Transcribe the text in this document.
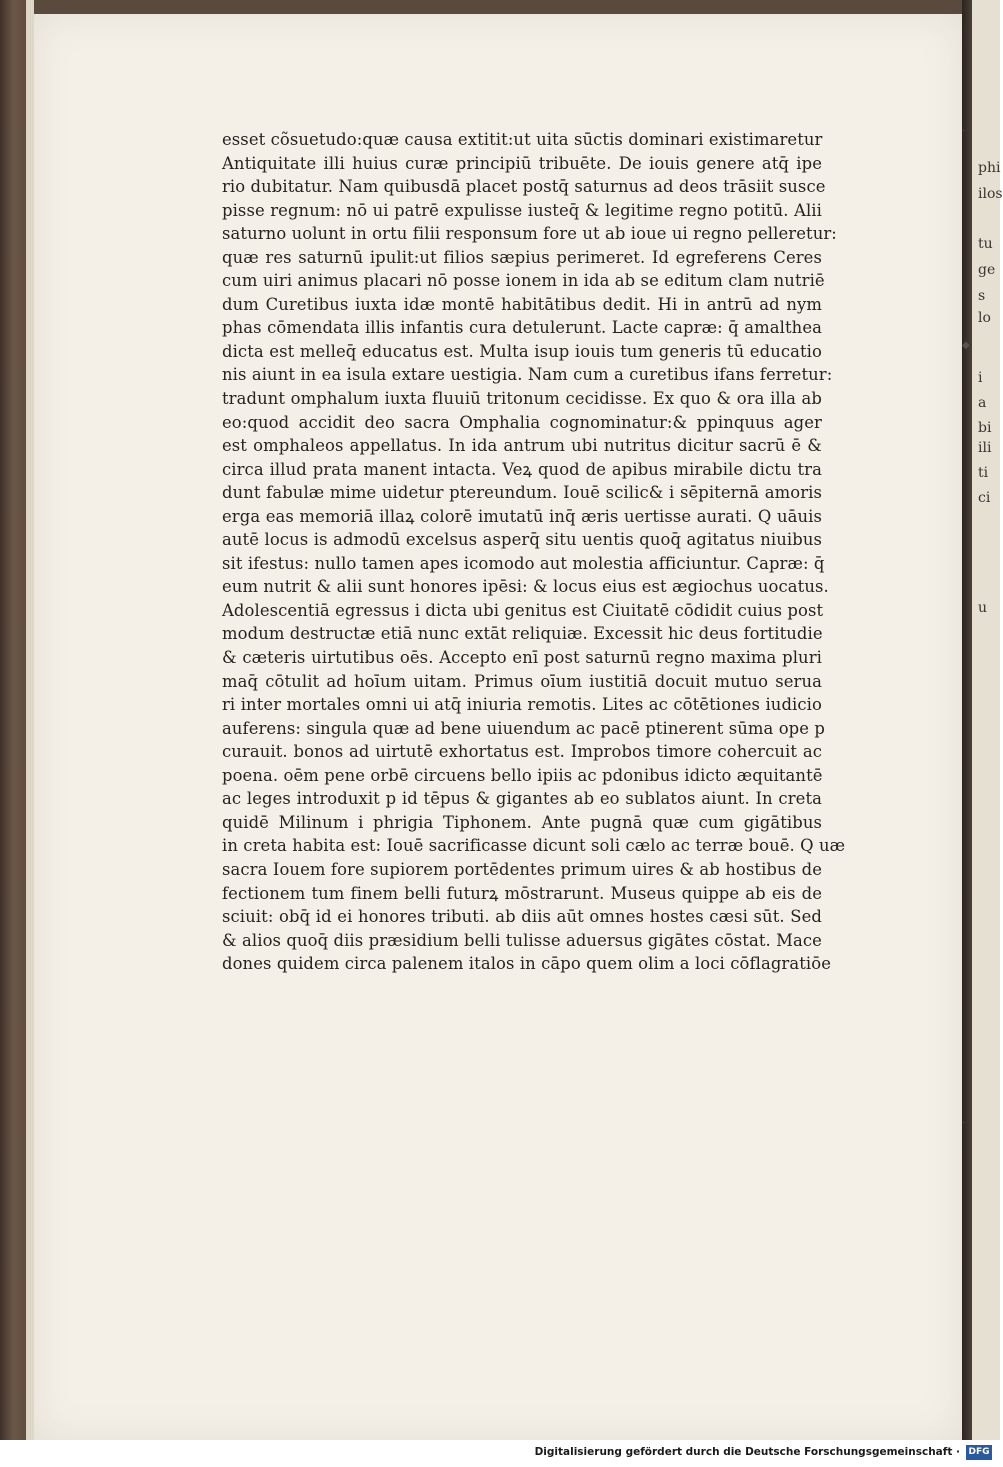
phi
ilos
tu
ge
s
lo
i
a
bi
ili
ti
ci
u
·
◆
·
esset cõsuetudo:quæ causa extitit:ut uita sūctis dominari existimaretur
Antiquitate illi huius curæ principiū tribuēte. De iouis genere atq̄ ipe
rio dubitatur. Nam quibusdā placet postq̄ saturnus ad deos trāsiit susce
pisse regnum: nō ui patrē expulisse iusteq̄ & legitime regno potitū. Alii
saturno uolunt in ortu filii responsum fore ut ab ioue ui regno pelleretur:
quæ res saturnū ipulit:ut filios sæpius perimeret. Id egreferens Ceres
cum uiri animus placari nō posse ionem in ida ab se editum clam nutriē
dum Curetibus iuxta idæ montē habitātibus dedit. Hi in antrū ad nym
phas cōmendata illis infantis cura detulerunt. Lacte capræ: q̄ amalthea
dicta est melleq̄ educatus est. Multa isup iouis tum generis tū educatio
nis aiunt in ea isula extare uestigia. Nam cum a curetibus ifans ferretur:
tradunt omphalum iuxta fluuiū tritonum cecidisse. Ex quo & ora illa ab
eo:quod accidit deo sacra Omphalia cognominatur:& ppinquus ager
est omphaleos appellatus. In ida antrum ubi nutritus dicitur sacrū ē &
circa illud prata manent intacta. Veꝝ quod de apibus mirabile dictu tra
dunt fabulæ mime uidetur ptereundum. Iouē scilic& i sēpiternā amoris
erga eas memoriā illaꝝ colorē imutatū inq̄ æris uertisse aurati. Q uāuis
autē locus is admodū excelsus asperq̄ situ uentis quoq̄ agitatus niuibus
sit ifestus: nullo tamen apes icomodo aut molestia afficiuntur. Capræ: q̄
eum nutrit & alii sunt honores ipēsi: & locus eius est ægiochus uocatus.
Adolescentiā egressus i dicta ubi genitus est Ciuitatē cōdidit cuius post
modum destructæ etiā nunc extāt reliquiæ. Excessit hic deus fortitudie
& cæteris uirtutibus oēs. Accepto enī post saturnū regno maxima pluri
maq̄ cōtulit ad hoīum uitam. Primus oīum iustitiā docuit mutuo serua
ri inter mortales omni ui atq̄ iniuria remotis. Lites ac cōtētiones iudicio
auferens: singula quæ ad bene uiuendum ac pacē ptinerent sūma ope p
curauit. bonos ad uirtutē exhortatus est. Improbos timore cohercuit ac
poena. oēm pene orbē circuens bello ipiis ac pdonibus idicto æquitantē
ac leges introduxit p id tēpus & gigantes ab eo sublatos aiunt. In creta
quidē Milinum i phrigia Tiphonem. Ante pugnā quæ cum gigātibus
in creta habita est: Iouē sacrificasse dicunt soli cælo ac terræ bouē. Q uæ
sacra Iouem fore supiorem portēdentes primum uires & ab hostibus de
fectionem tum finem belli futurꝝ mōstrarunt. Museus quippe ab eis de
sciuit: obq̄ id ei honores tributi. ab diis aūt omnes hostes cæsi sūt. Sed
& alios quoq̄ diis præsidium belli tulisse aduersus gigātes cōstat. Mace
dones quidem circa palenem italos in cāpo quem olim a loci cōflagratiōe
Digitalisierung gefördert durch die Deutsche Forschungsgemeinschaft · DFG
